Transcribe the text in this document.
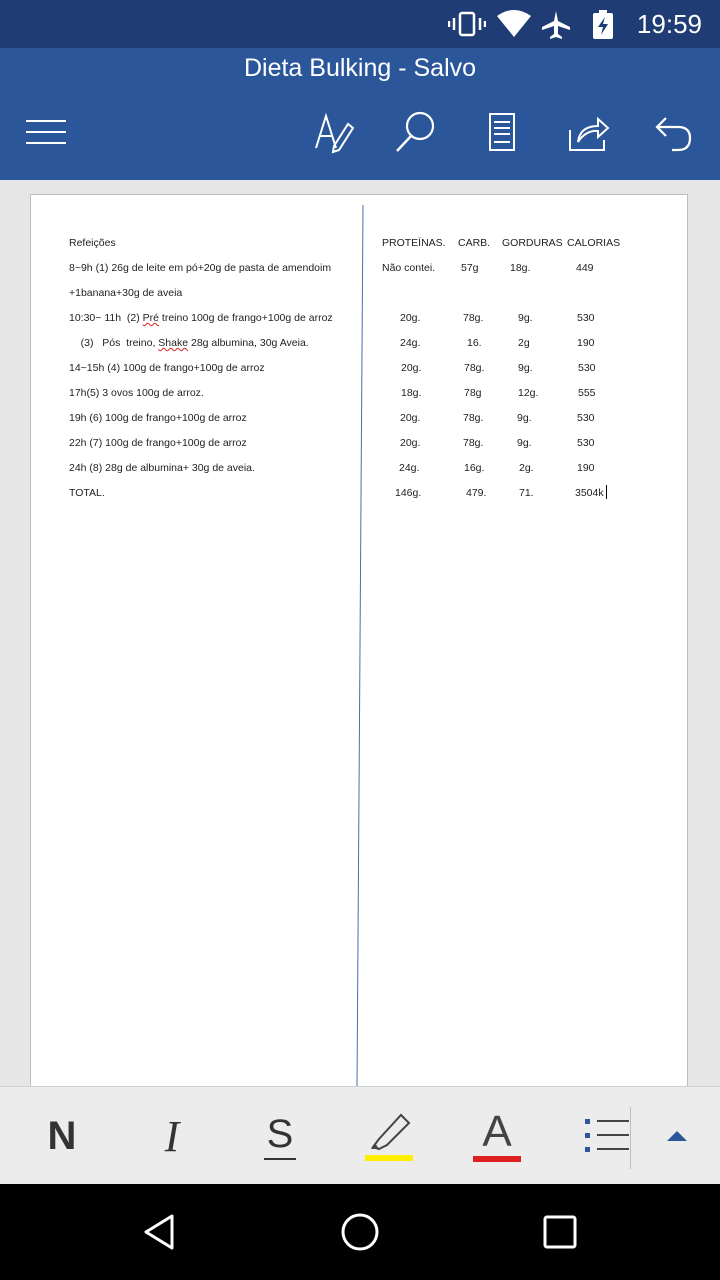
19:59
Dieta Bulking - Salvo
Refeições	PROTEÍNAS. CARB. GORDURAS CALORIAS
8~9h (1) 26g de leite em pó+20g de pasta de amendoim	Não contei. 57g	18g.	449
+1banana+30g de aveia
10:30~ 11h  (2) Pré treino 100g de frango+100g de arroz	20g.	78g.	9g.	530
(3)   Pós  treino, Shake 28g albumina, 30g Aveia.	24g.	16.	2g	190
14~15h (4) 100g de frango+100g de arroz	20g.	78g.	9g.	530
17h(5) 3 ovos 100g de arroz.	18g.	78g	12g.	555
19h (6) 100g de frango+100g de arroz	20g.	78g.	9g.	530
22h (7) 100g de frango+100g de arroz	20g.	78g.	9g.	530
24h (8) 28g de albumina+ 30g de aveia.	24g.	16g.	2g.	190
TOTAL.	146g.	479.	71.	3504k
N I S	A
